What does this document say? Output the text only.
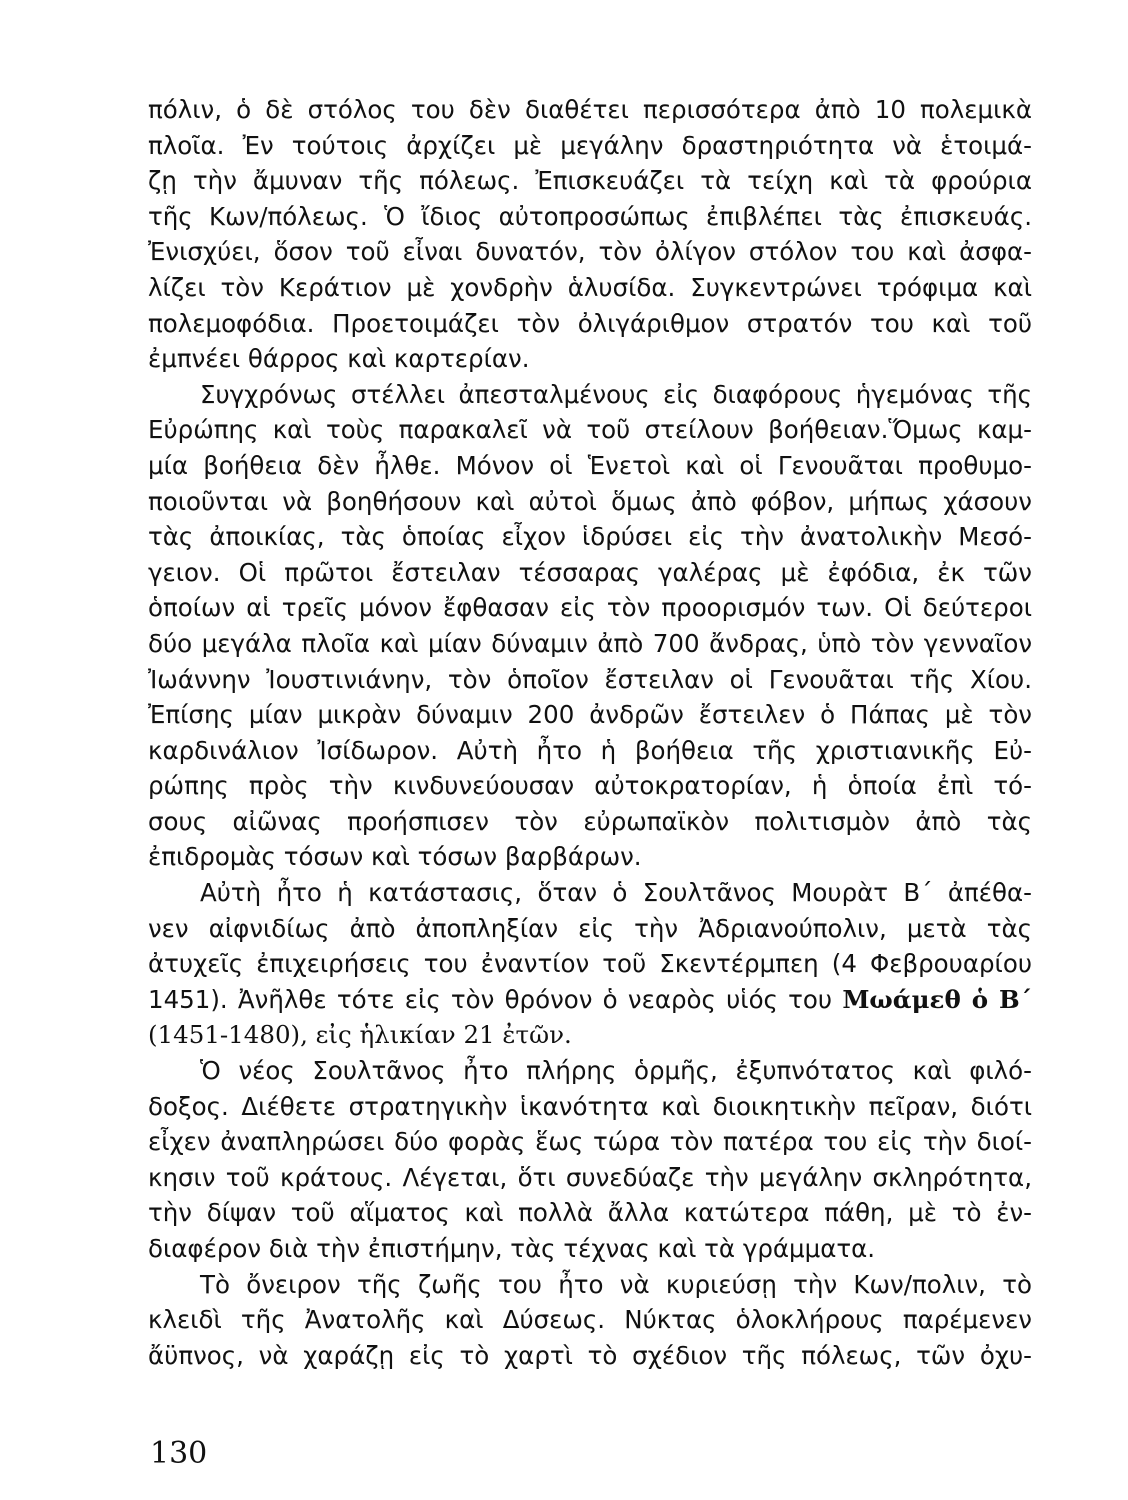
πόλιν, ὁ δὲ στόλος του δὲν διαθέτει περισσότερα ἀπὸ 10 πολεμικὰ
πλοῖα. Ἐν τούτοις ἀρχίζει μὲ μεγάλην δραστηριότητα νὰ ἑτοιμά-
ζῃ τὴν ἄμυναν τῆς πόλεως. Ἐπισκευάζει τὰ τείχη καὶ τὰ φρούρια
τῆς Κων/πόλεως. Ὁ ἴδιος αὐτοπροσώπως ἐπιβλέπει τὰς ἐπισκευάς.
Ἐνισχύει, ὅσον τοῦ εἶναι δυνατόν, τὸν ὀλίγον στόλον του καὶ ἀσφα-
λίζει τὸν Κεράτιον μὲ χονδρὴν ἁλυσίδα. Συγκεντρώνει τρόφιμα καὶ
πολεμοφόδια. Προετοιμάζει τὸν ὀλιγάριθμον στρατόν του καὶ τοῦ
ἐμπνέει θάρρος καὶ καρτερίαν.
Συγχρόνως στέλλει ἀπεσταλμένους εἰς διαφόρους ἡγεμόνας τῆς
Εὐρώπης καὶ τοὺς παρακαλεῖ νὰ τοῦ στείλουν βοήθειαν.Ὅμως καμ-
μία βοήθεια δὲν ἦλθε. Μόνον οἱ Ἑνετοὶ καὶ οἱ Γενουᾶται προθυμο-
ποιοῦνται νὰ βοηθήσουν καὶ αὐτοὶ ὅμως ἀπὸ φόβον, μήπως χάσουν
τὰς ἀποικίας, τὰς ὁποίας εἶχον ἱδρύσει εἰς τὴν ἀνατολικὴν Μεσό-
γειον. Οἱ πρῶτοι ἔστειλαν τέσσαρας γαλέρας μὲ ἐφόδια, ἐκ τῶν
ὁποίων αἱ τρεῖς μόνον ἔφθασαν εἰς τὸν προορισμόν των. Οἱ δεύτεροι
δύο μεγάλα πλοῖα καὶ μίαν δύναμιν ἀπὸ 700 ἄνδρας, ὑπὸ τὸν γενναῖον
Ἰωάννην Ἰουστινιάνην, τὸν ὁποῖον ἔστειλαν οἱ Γενουᾶται τῆς Χίου.
Ἐπίσης μίαν μικρὰν δύναμιν 200 ἀνδρῶν ἔστειλεν ὁ Πάπας μὲ τὸν
καρδινάλιον Ἰσίδωρον. Αὐτὴ ἦτο ἡ βοήθεια τῆς χριστιανικῆς Εὐ-
ρώπης πρὸς τὴν κινδυνεύουσαν αὐτοκρατορίαν, ἡ ὁποία ἐπὶ τό-
σους αἰῶνας προήσπισεν τὸν εὐρωπαϊκὸν πολιτισμὸν ἀπὸ τὰς
ἐπιδρομὰς τόσων καὶ τόσων βαρβάρων.
Αὐτὴ ἦτο ἡ κατάστασις, ὅταν ὁ Σουλτᾶνος Μουρὰτ Β΄ ἀπέθα-
νεν αἰφνιδίως ἀπὸ ἀποπληξίαν εἰς τὴν Ἀδριανούπολιν, μετὰ τὰς
ἀτυχεῖς ἐπιχειρήσεις του ἐναντίον τοῦ Σκεντέρμπεη (4 Φεβρουαρίου
1451). Ἀνῆλθε τότε εἰς τὸν θρόνον ὁ νεαρὸς υἱός του Μωάμεθ ὁ Β΄
(1451-1480), εἰς ἡλικίαν 21 ἐτῶν.
Ὁ νέος Σουλτᾶνος ἦτο πλήρης ὁρμῆς, ἐξυπνότατος καὶ φιλό-
δοξος. Διέθετε στρατηγικὴν ἱκανότητα καὶ διοικητικὴν πεῖραν, διότι
εἶχεν ἀναπληρώσει δύο φορὰς ἕως τώρα τὸν πατέρα του εἰς τὴν διοί-
κησιν τοῦ κράτους. Λέγεται, ὅτι συνεδύαζε τὴν μεγάλην σκληρότητα,
τὴν δίψαν τοῦ αἵματος καὶ πολλὰ ἄλλα κατώτερα πάθη, μὲ τὸ ἐν-
διαφέρον διὰ τὴν ἐπιστήμην, τὰς τέχνας καὶ τὰ γράμματα.
Τὸ ὄνειρον τῆς ζωῆς του ἦτο νὰ κυριεύσῃ τὴν Κων/πολιν, τὸ
κλειδὶ τῆς Ἀνατολῆς καὶ Δύσεως. Νύκτας ὁλοκλήρους παρέμενεν
ἄϋπνος, νὰ χαράζῃ εἰς τὸ χαρτὶ τὸ σχέδιον τῆς πόλεως, τῶν ὀχυ-
130
